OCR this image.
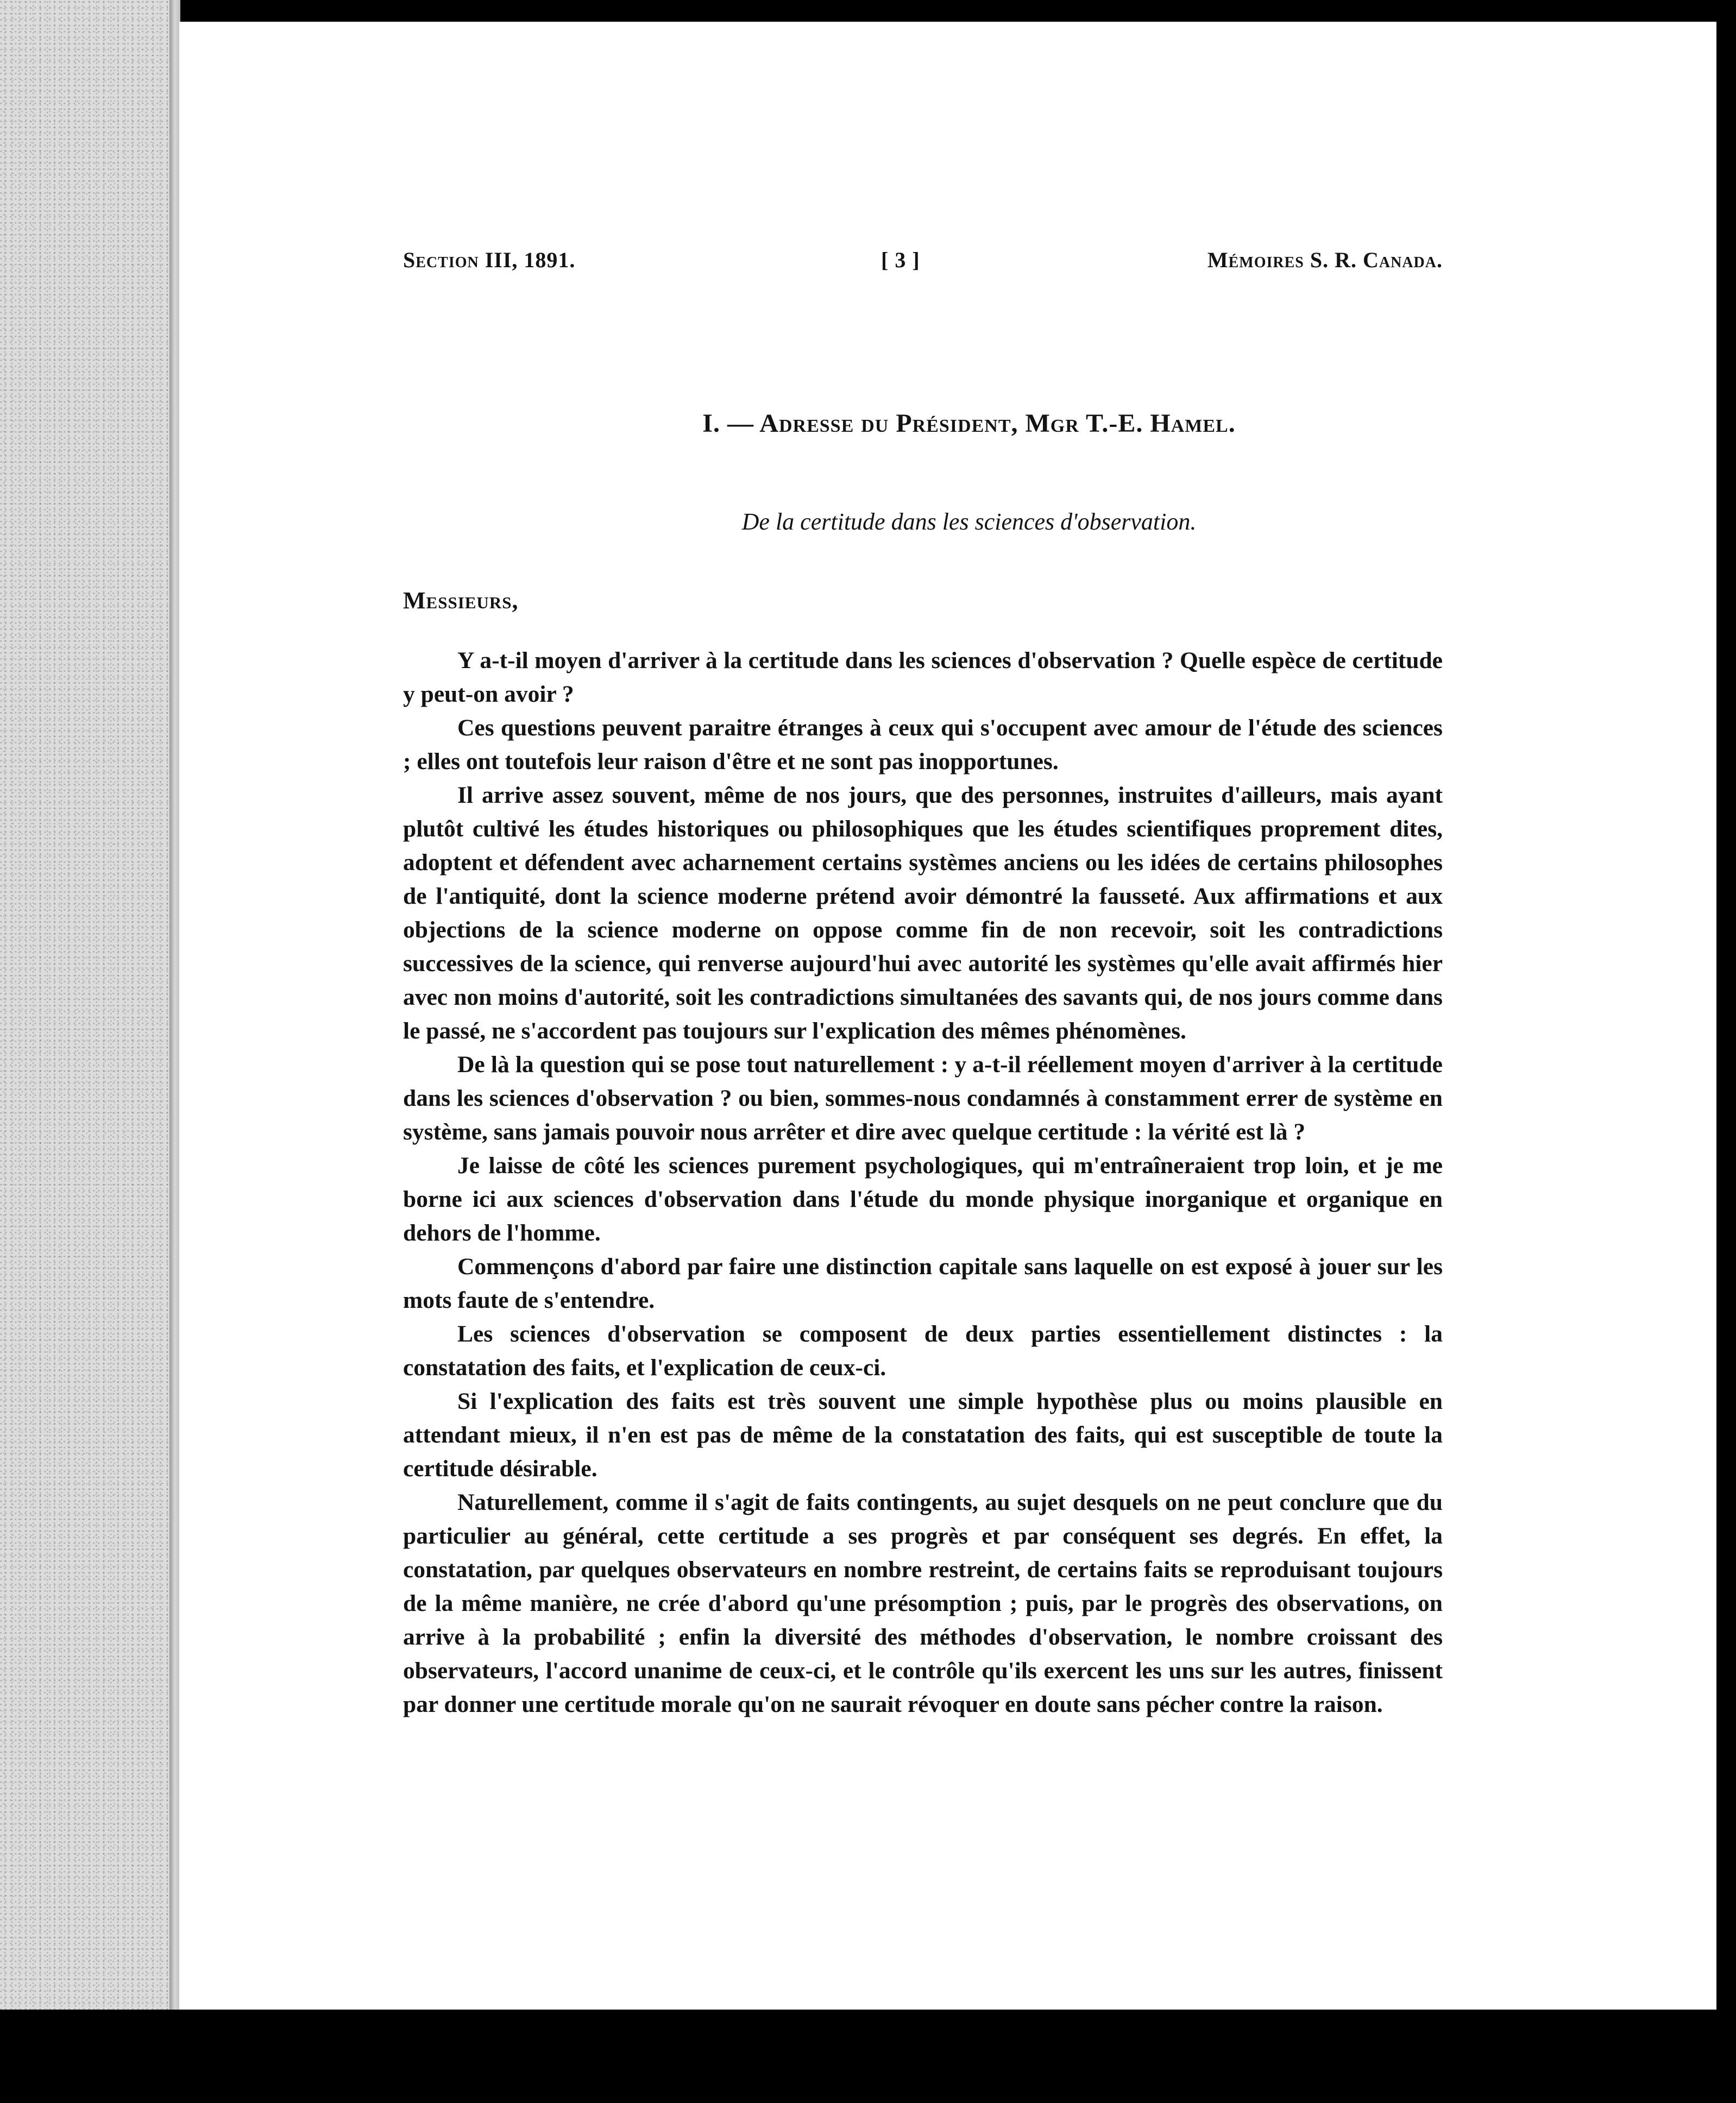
Section III, 1891.	[ 3 ]	Mémoires S. R. Canada.
I. — Adresse du Président, Mgr T.-E. Hamel.
De la certitude dans les sciences d'observation.
Messieurs,

Y a-t-il moyen d'arriver à la certitude dans les sciences d'observation ? Quelle espèce de certitude y peut-on avoir ?

Ces questions peuvent paraitre étranges à ceux qui s'occupent avec amour de l'étude des sciences ; elles ont toutefois leur raison d'être et ne sont pas inopportunes.

Il arrive assez souvent, même de nos jours, que des personnes, instruites d'ailleurs, mais ayant plutôt cultivé les études historiques ou philosophiques que les études scientifiques proprement dites, adoptent et défendent avec acharnement certains systèmes anciens ou les idées de certains philosophes de l'antiquité, dont la science moderne prétend avoir démontré la fausseté. Aux affirmations et aux objections de la science moderne on oppose comme fin de non recevoir, soit les contradictions successives de la science, qui renverse aujourd'hui avec autorité les systèmes qu'elle avait affirmés hier avec non moins d'autorité, soit les contradictions simultanées des savants qui, de nos jours comme dans le passé, ne s'accordent pas toujours sur l'explication des mêmes phénomènes.

De là la question qui se pose tout naturellement : y a-t-il réellement moyen d'arriver à la certitude dans les sciences d'observation ? ou bien, sommes-nous condamnés à constamment errer de système en système, sans jamais pouvoir nous arrêter et dire avec quelque certitude : la vérité est là ?

Je laisse de côté les sciences purement psychologiques, qui m'entraîneraient trop loin, et je me borne ici aux sciences d'observation dans l'étude du monde physique inorganique et organique en dehors de l'homme.

Commençons d'abord par faire une distinction capitale sans laquelle on est exposé à jouer sur les mots faute de s'entendre.

Les sciences d'observation se composent de deux parties essentiellement distinctes : la constatation des faits, et l'explication de ceux-ci.

Si l'explication des faits est très souvent une simple hypothèse plus ou moins plausible en attendant mieux, il n'en est pas de même de la constatation des faits, qui est susceptible de toute la certitude désirable.

Naturellement, comme il s'agit de faits contingents, au sujet desquels on ne peut conclure que du particulier au général, cette certitude a ses progrès et par conséquent ses degrés. En effet, la constatation, par quelques observateurs en nombre restreint, de certains faits se reproduisant toujours de la même manière, ne crée d'abord qu'une présomption ; puis, par le progrès des observations, on arrive à la probabilité ; enfin la diversité des méthodes d'observation, le nombre croissant des observateurs, l'accord unanime de ceux-ci, et le contrôle qu'ils exercent les uns sur les autres, finissent par donner une certitude morale qu'on ne saurait révoquer en doute sans pécher contre la raison.
